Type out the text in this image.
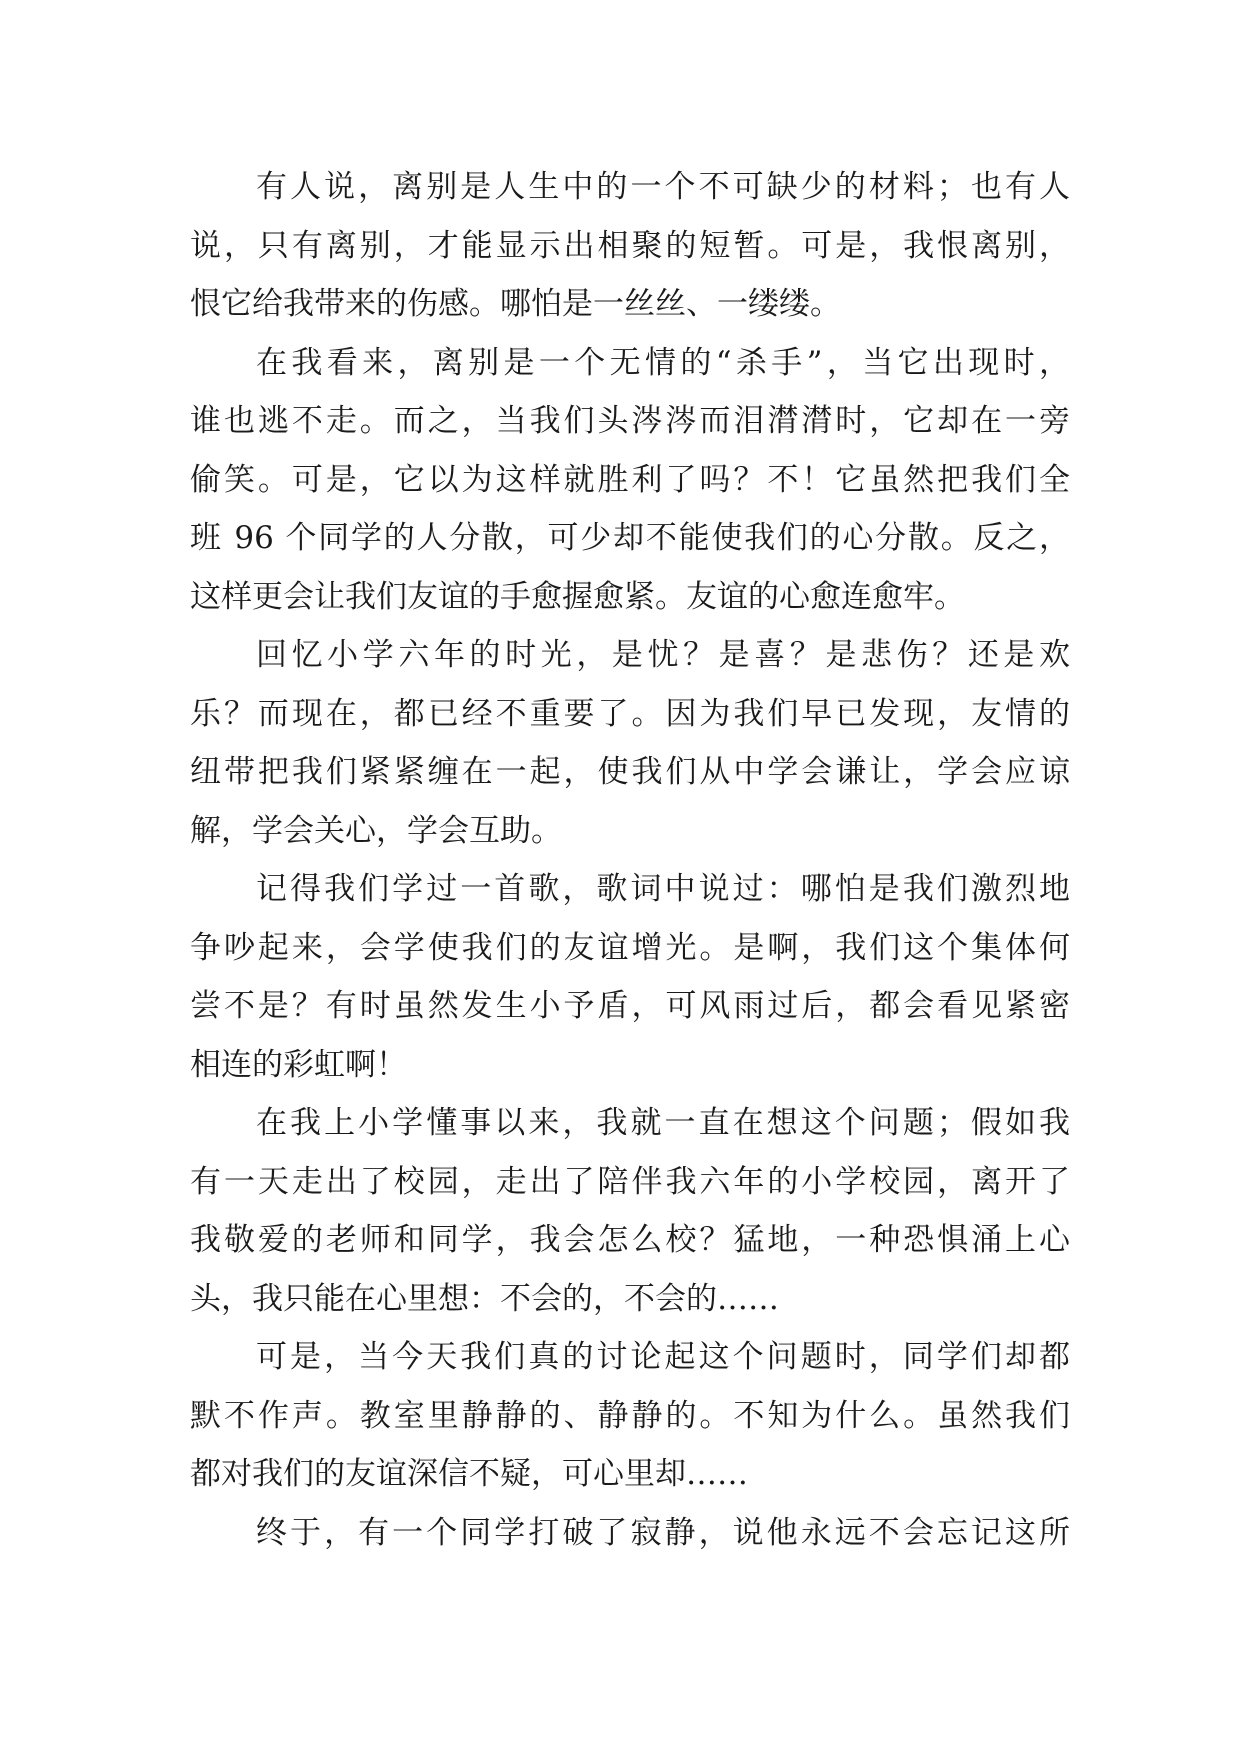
有人说，离别是人生中的一个不可缺少的材料；也有人
说，只有离别，才能显示出相聚的短暂。可是，我恨离别，
恨它给我带来的伤感。哪怕是一丝丝、一缕缕。
在我看来，离别是一个无情的“杀手”，当它出现时，
谁也逃不走。而之，当我们头涔涔而泪潸潸时，它却在一旁
偷笑。可是，它以为这样就胜利了吗？不！它虽然把我们全
班 96 个同学的人分散，可少却不能使我们的心分散。反之，
这样更会让我们友谊的手愈握愈紧。友谊的心愈连愈牢。
回忆小学六年的时光，是忧？是喜？是悲伤？还是欢
乐？而现在，都已经不重要了。因为我们早已发现，友情的
纽带把我们紧紧缠在一起，使我们从中学会谦让，学会应谅
解，学会关心，学会互助。
记得我们学过一首歌，歌词中说过：哪怕是我们激烈地
争吵起来，会学使我们的友谊增光。是啊，我们这个集体何
尝不是？有时虽然发生小予盾，可风雨过后，都会看见紧密
相连的彩虹啊！
在我上小学懂事以来，我就一直在想这个问题；假如我
有一天走出了校园，走出了陪伴我六年的小学校园，离开了
我敬爱的老师和同学，我会怎么校？猛地，一种恐惧涌上心
头，我只能在心里想：不会的，不会的……
可是，当今天我们真的讨论起这个问题时，同学们却都
默不作声。教室里静静的、静静的。不知为什么。虽然我们
都对我们的友谊深信不疑，可心里却……
终于，有一个同学打破了寂静，说他永远不会忘记这所
